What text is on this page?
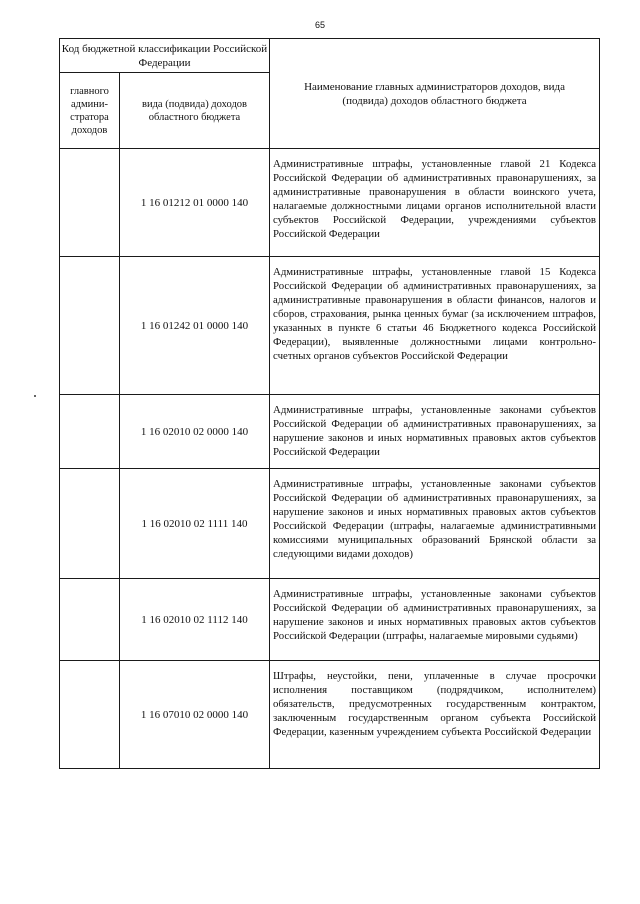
65
Код бюджетной классификации Российской Федерации		Наименование главных администраторов доходов, вида (подвида) доходов областного бюджета
главного админи-стратора доходов	вида (подвида) доходов областного бюджета	
	1 16 01212 01 0000 140	Административные штрафы, установленные главой 21 Кодекса Российской Федерации об административных правонарушениях, за административные правонарушения в области воинского учета, налагаемые должностными лицами органов исполнительной власти субъектов Российской Федерации, учреждениями субъектов Российской Федерации
	1 16 01242 01 0000 140	Административные штрафы, установленные главой 15 Кодекса Российской Федерации об административных правонарушениях, за административные правонарушения в области финансов, налогов и сборов, страхования, рынка ценных бумаг (за исключением штрафов, указанных в пункте 6 статьи 46 Бюджетного кодекса Российской Федерации), выявленные должностными лицами контрольно-счетных органов субъектов Российской Федерации
	1 16 02010 02 0000 140	Административные штрафы, установленные законами субъектов Российской Федерации об административных правонарушениях, за нарушение законов и иных нормативных правовых актов субъектов Российской Федерации
	1 16 02010 02 1111 140	Административные штрафы, установленные законами субъектов Российской Федерации об административных правонарушениях, за нарушение законов и иных нормативных правовых актов субъектов Российской Федерации (штрафы, налагаемые административными комиссиями муниципальных образований Брянской области за следующими видами доходов)
	1 16 02010 02 1112 140	Административные штрафы, установленные законами субъектов Российской Федерации об административных правонарушениях, за нарушение законов и иных нормативных правовых актов субъектов Российской Федерации (штрафы, налагаемые мировыми судьями)
	1 16 07010 02 0000 140	Штрафы, неустойки, пени, уплаченные в случае просрочки исполнения поставщиком (подрядчиком, исполнителем) обязательств, предусмотренных государственным контрактом, заключенным государственным органом субъекта Российской Федерации, казенным учреждением субъекта Российской Федерации
